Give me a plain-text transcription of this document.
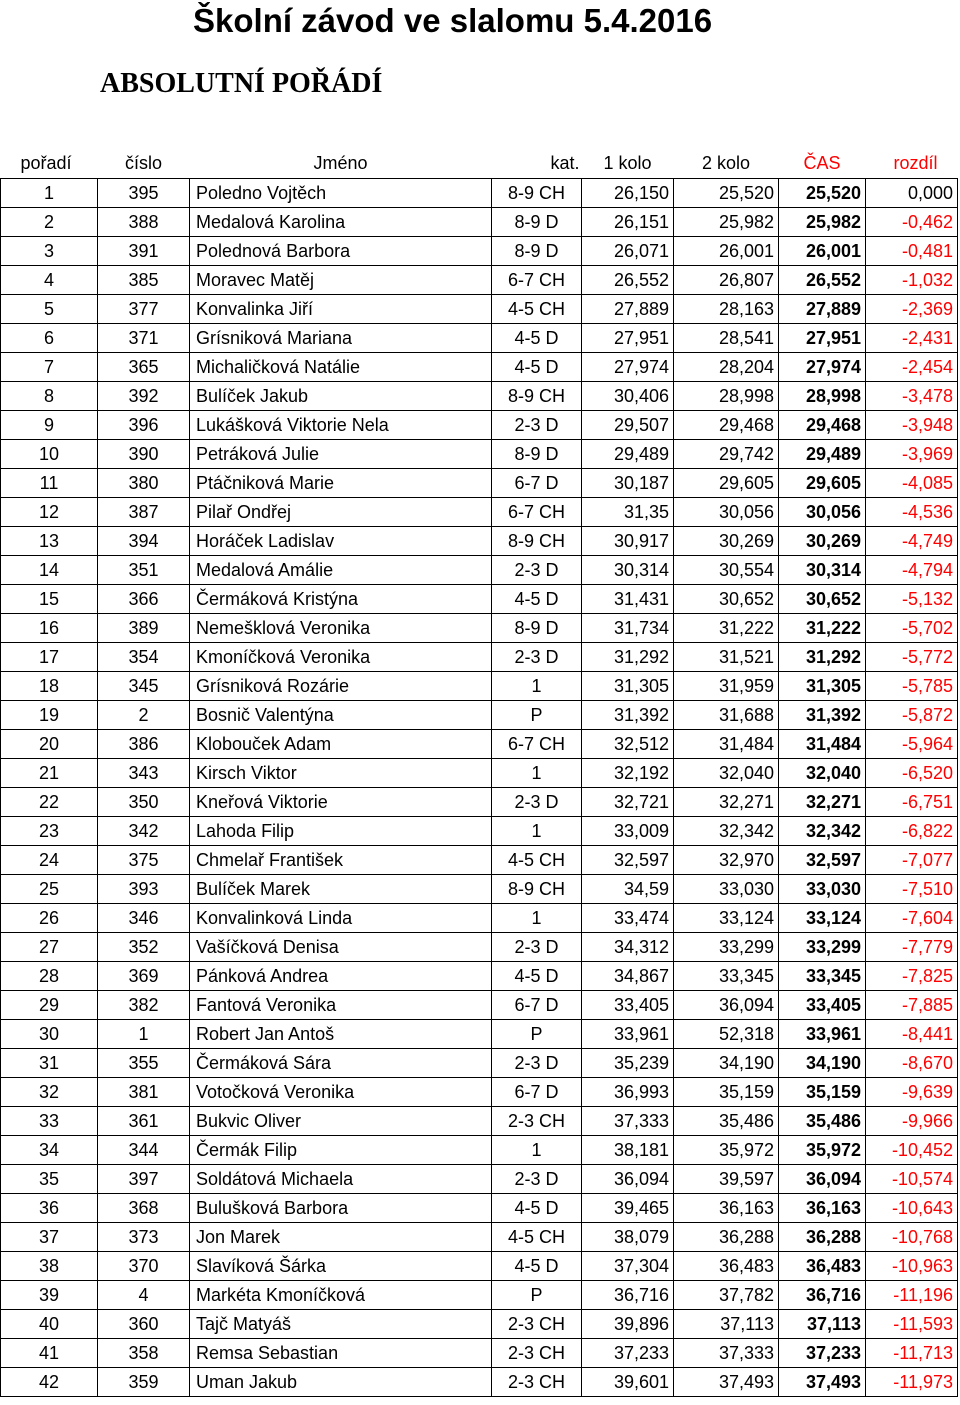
Školní závod ve slalomu 5.4.2016
ABSOLUTNÍ POŘÁDÍ
pořadí	číslo	Jméno	kat.	1 kolo	2 kolo	ČAS	rozdíl
1	395	Poledno Vojtěch	8-9 CH	26,150	25,520	25,520	0,000
2	388	Medalová Karolina	8-9 D	26,151	25,982	25,982	-0,462
3	391	Polednová Barbora	8-9 D	26,071	26,001	26,001	-0,481
4	385	Moravec Matěj	6-7 CH	26,552	26,807	26,552	-1,032
5	377	Konvalinka Jiří	4-5 CH	27,889	28,163	27,889	-2,369
6	371	Grísniková Mariana	4-5 D	27,951	28,541	27,951	-2,431
7	365	Michaličková Natálie	4-5 D	27,974	28,204	27,974	-2,454
8	392	Bulíček Jakub	8-9 CH	30,406	28,998	28,998	-3,478
9	396	Lukášková Viktorie Nela	2-3 D	29,507	29,468	29,468	-3,948
10	390	Petráková Julie	8-9 D	29,489	29,742	29,489	-3,969
11	380	Ptáčniková Marie	6-7 D	30,187	29,605	29,605	-4,085
12	387	Pilař Ondřej	6-7 CH	31,35	30,056	30,056	-4,536
13	394	Horáček Ladislav	8-9 CH	30,917	30,269	30,269	-4,749
14	351	Medalová Amálie	2-3 D	30,314	30,554	30,314	-4,794
15	366	Čermáková Kristýna	4-5 D	31,431	30,652	30,652	-5,132
16	389	Nemešklová Veronika	8-9 D	31,734	31,222	31,222	-5,702
17	354	Kmoníčková Veronika	2-3 D	31,292	31,521	31,292	-5,772
18	345	Grísniková Rozárie	1	31,305	31,959	31,305	-5,785
19	2	Bosnič Valentýna	P	31,392	31,688	31,392	-5,872
20	386	Klobouček Adam	6-7 CH	32,512	31,484	31,484	-5,964
21	343	Kirsch Viktor	1	32,192	32,040	32,040	-6,520
22	350	Kneřová Viktorie	2-3 D	32,721	32,271	32,271	-6,751
23	342	Lahoda Filip	1	33,009	32,342	32,342	-6,822
24	375	Chmelař František	4-5 CH	32,597	32,970	32,597	-7,077
25	393	Bulíček Marek	8-9 CH	34,59	33,030	33,030	-7,510
26	346	Konvalinková Linda	1	33,474	33,124	33,124	-7,604
27	352	Vašíčková Denisa	2-3 D	34,312	33,299	33,299	-7,779
28	369	Pánková Andrea	4-5 D	34,867	33,345	33,345	-7,825
29	382	Fantová Veronika	6-7 D	33,405	36,094	33,405	-7,885
30	1	Robert Jan Antoš	P	33,961	52,318	33,961	-8,441
31	355	Čermáková Sára	2-3 D	35,239	34,190	34,190	-8,670
32	381	Votočková Veronika	6-7 D	36,993	35,159	35,159	-9,639
33	361	Bukvic Oliver	2-3 CH	37,333	35,486	35,486	-9,966
34	344	Čermák Filip	1	38,181	35,972	35,972	-10,452
35	397	Soldátová Michaela	2-3 D	36,094	39,597	36,094	-10,574
36	368	Bulušková Barbora	4-5 D	39,465	36,163	36,163	-10,643
37	373	Jon Marek	4-5 CH	38,079	36,288	36,288	-10,768
38	370	Slavíková Šárka	4-5 D	37,304	36,483	36,483	-10,963
39	4	Markéta Kmoníčková	P	36,716	37,782	36,716	-11,196
40	360	Tajč Matyáš	2-3 CH	39,896	37,113	37,113	-11,593
41	358	Remsa Sebastian	2-3 CH	37,233	37,333	37,233	-11,713
42	359	Uman Jakub	2-3 CH	39,601	37,493	37,493	-11,973
